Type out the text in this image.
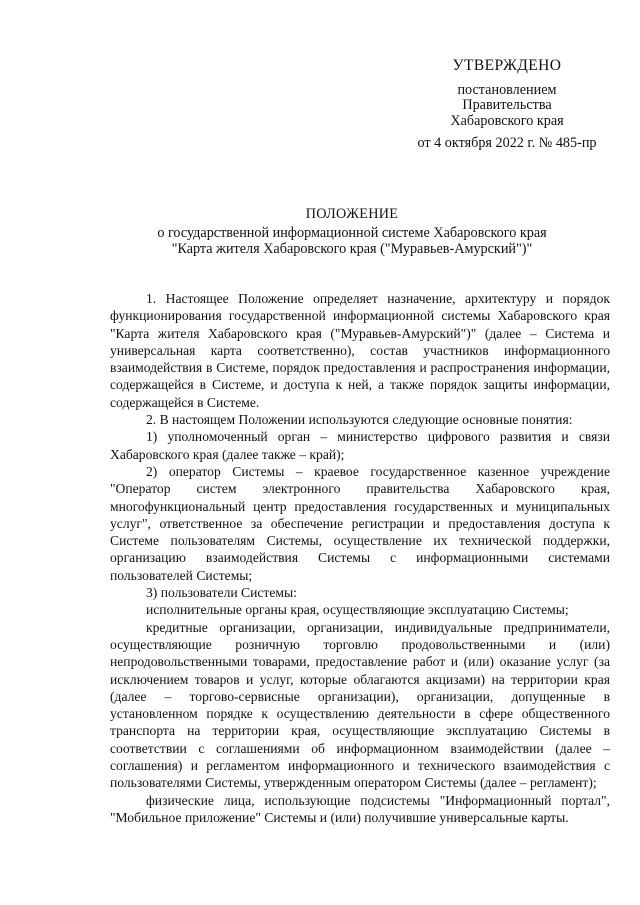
УТВЕРЖДЕНО
постановлением
Правительства
Хабаровского края
от 4 октября 2022 г. № 485-пр
ПОЛОЖЕНИЕ
о государственной информационной системе Хабаровского края
"Карта жителя Хабаровского края ("Муравьев-Амурский")"

1. Настоящее Положение определяет назначение, архитектуру и порядок функционирования государственной информационной системы Хабаровского края "Карта жителя Хабаровского края ("Муравьев-Амурский")" (далее – Система и универсальная карта соответственно), состав участников информационного взаимодействия в Системе, порядок предоставления и распространения информации, содержащейся в Системе, и доступа к ней, а также порядок защиты информации, содержащейся в Системе.

2. В настоящем Положении используются следующие основные понятия:

1) уполномоченный орган – министерство цифрового развития и связи Хабаровского края (далее также – край);

2) оператор Системы – краевое государственное казенное учреждение "Оператор систем электронного правительства Хабаровского края, многофункциональный центр предоставления государственных и муниципальных услуг", ответственное за обеспечение регистрации и предоставления доступа к Системе пользователям Системы, осуществление их технической поддержки, организацию взаимодействия Системы с информационными системами пользователей Системы;

3) пользователи Системы:

исполнительные органы края, осуществляющие эксплуатацию Системы;

кредитные организации, организации, индивидуальные предприниматели, осуществляющие розничную торговлю продовольственными и (или) непродовольственными товарами, предоставление работ и (или) оказание услуг (за исключением товаров и услуг, которые облагаются акцизами) на территории края (далее – торгово-сервисные организации), организации, допущенные в установленном порядке к осуществлению деятельности в сфере общественного транспорта на территории края, осуществляющие эксплуатацию Системы в соответствии с соглашениями об информационном взаимодействии (далее – соглашения) и регламентом информационного и технического взаимодействия с пользователями Системы, утвержденным оператором Системы (далее – регламент);

физические лица, использующие подсистемы "Информационный портал", "Мобильное приложение" Системы и (или) получившие универсальные карты.
